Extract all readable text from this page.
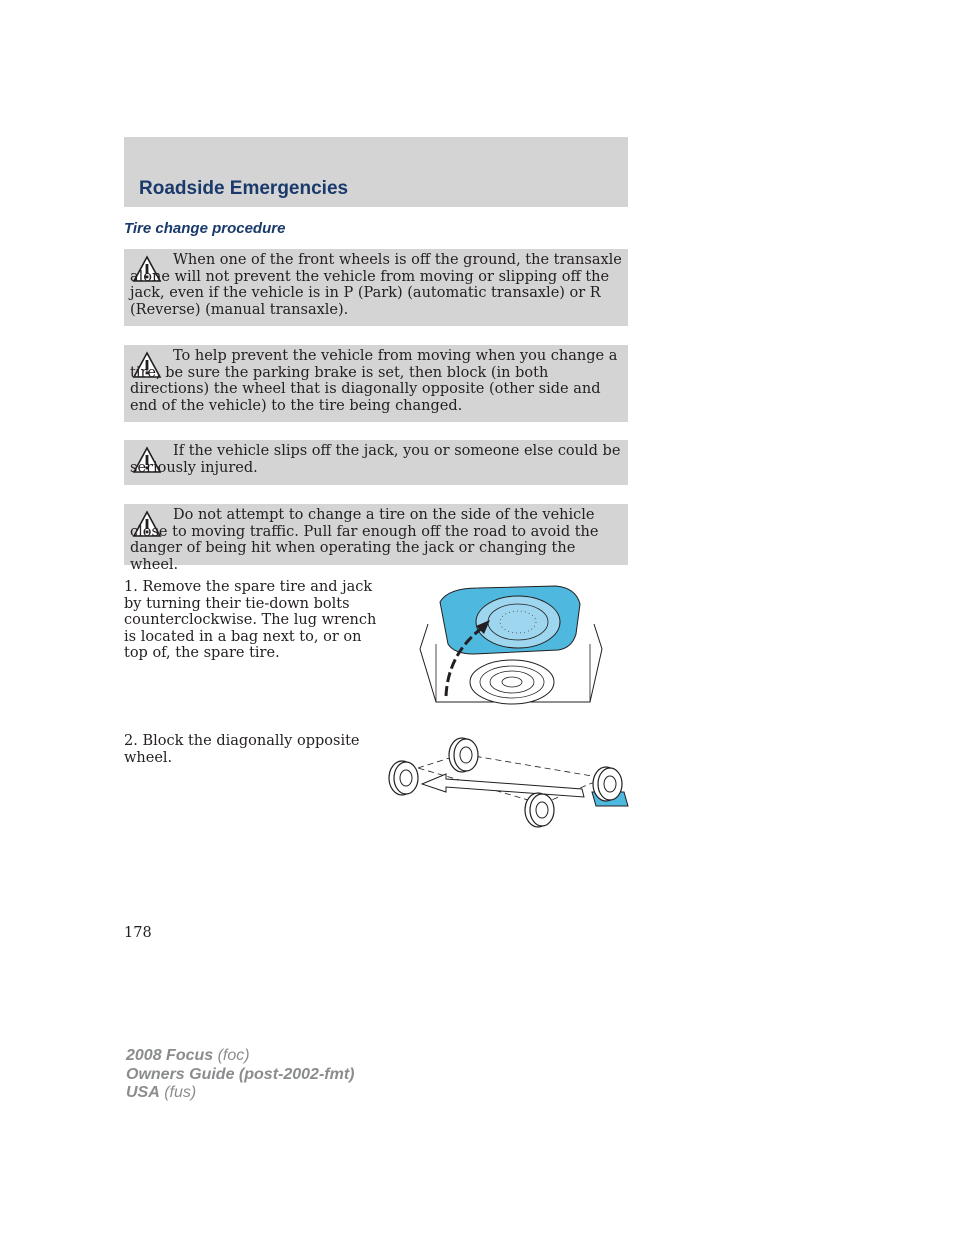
Roadside Emergencies
Tire change procedure

When one of the front wheels is off the ground, the transaxle alone will not prevent the vehicle from moving or slipping off the jack, even if the vehicle is in P (Park) (automatic transaxle) or R (Reverse) (manual transaxle).

To help prevent the vehicle from moving when you change a tire, be sure the parking brake is set, then block (in both directions) the wheel that is diagonally opposite (other side and end of the vehicle) to the tire being changed.

If the vehicle slips off the jack, you or someone else could be seriously injured.

Do not attempt to change a tire on the side of the vehicle close to moving traffic. Pull far enough off the road to avoid the danger of being hit when operating the jack or changing the wheel.

1. Remove the spare tire and jack by turning their tie-down bolts counterclockwise. The lug wrench is located in a bag next to, or on top of, the spare tire.

2. Block the diagonally opposite wheel.

178

2008 Focus (foc)
Owners Guide (post-2002-fmt)
USA (fus)
